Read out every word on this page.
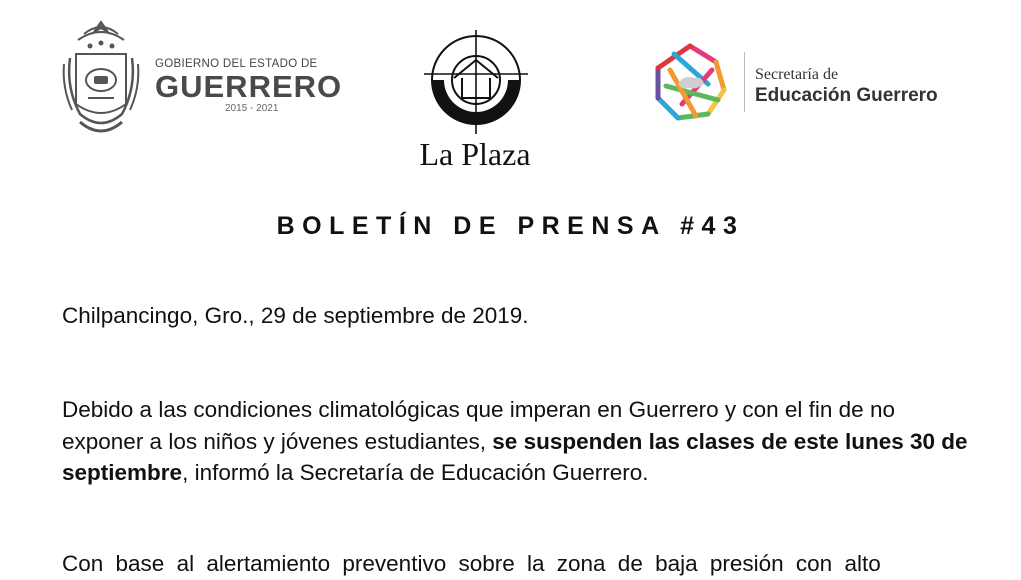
GOBIERNO DEL ESTADO DE
GUERRERO
2015 - 2021
La Plaza
Secretaría de
Educación Guerrero
BOLETÍN DE PRENSA #43
Chilpancingo, Gro., 29 de septiembre de 2019.
Debido a las condiciones climatológicas que imperan en Guerrero y con el fin de no exponer a los niños y jóvenes estudiantes, se suspenden las clases de este lunes 30 de septiembre, informó la Secretaría de Educación Guerrero.
Con base al alertamiento preventivo sobre la zona de baja presión con alto
